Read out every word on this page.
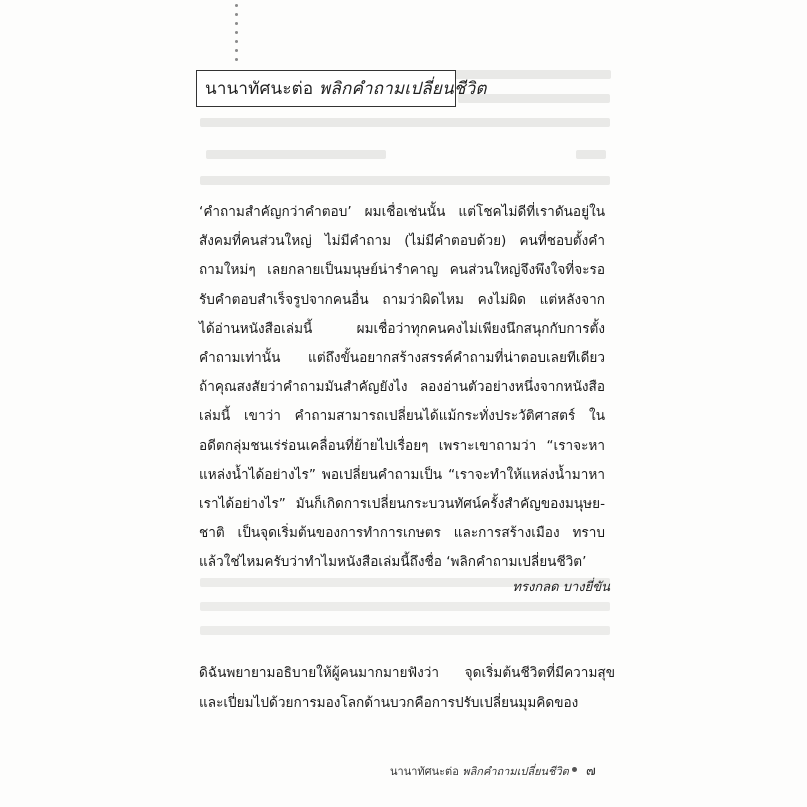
นานาทัศนะต่อ พลิกคำถามเปลี่ยนชีวิต
‘คำถามสำคัญกว่าคำตอบ’ ผมเชื่อเช่นนั้น แต่โชคไม่ดีที่เราดันอยู่ใน
สังคมที่คนส่วนใหญ่ ไม่มีคำถาม (ไม่มีคำตอบด้วย) คนที่ชอบตั้งคำ
ถามใหม่ๆ เลยกลายเป็นมนุษย์น่ารำคาญ คนส่วนใหญ่จึงพึงใจที่จะรอ
รับคำตอบสำเร็จรูปจากคนอื่น ถามว่าผิดไหม คงไม่ผิด แต่หลังจาก
ได้อ่านหนังสือเล่มนี้ ผมเชื่อว่าทุกคนคงไม่เพียงนึกสนุกกับการตั้ง
คำถามเท่านั้น แต่ถึงขั้นอยากสร้างสรรค์คำถามที่น่าตอบเลยทีเดียว
ถ้าคุณสงสัยว่าคำถามมันสำคัญยังไง ลองอ่านตัวอย่างหนึ่งจากหนังสือ
เล่มนี้ เขาว่า คำถามสามารถเปลี่ยนได้แม้กระทั่งประวัติศาสตร์ ใน
อดีตกลุ่มชนเร่ร่อนเคลื่อนที่ย้ายไปเรื่อยๆ เพราะเขาถามว่า “เราจะหา
แหล่งน้ำได้อย่างไร” พอเปลี่ยนคำถามเป็น “เราจะทำให้แหล่งน้ำมาหา
เราได้อย่างไร” มันก็เกิดการเปลี่ยนกระบวนทัศน์ครั้งสำคัญของมนุษย-
ชาติ เป็นจุดเริ่มต้นของการทำการเกษตร และการสร้างเมือง ทราบ
แล้วใช่ไหมครับว่าทำไมหนังสือเล่มนี้ถึงชื่อ ‘พลิกคำถามเปลี่ยนชีวิต’
ทรงกลด บางยี่ขัน
ดิฉันพยายามอธิบายให้ผู้คนมากมายฟังว่า จุดเริ่มต้นชีวิตที่มีความสุข
และเปี่ยมไปด้วยการมองโลกด้านบวกคือการปรับเปลี่ยนมุมคิดของ
นานาทัศนะต่อ พลิกคำถามเปลี่ยนชีวิต ๗
